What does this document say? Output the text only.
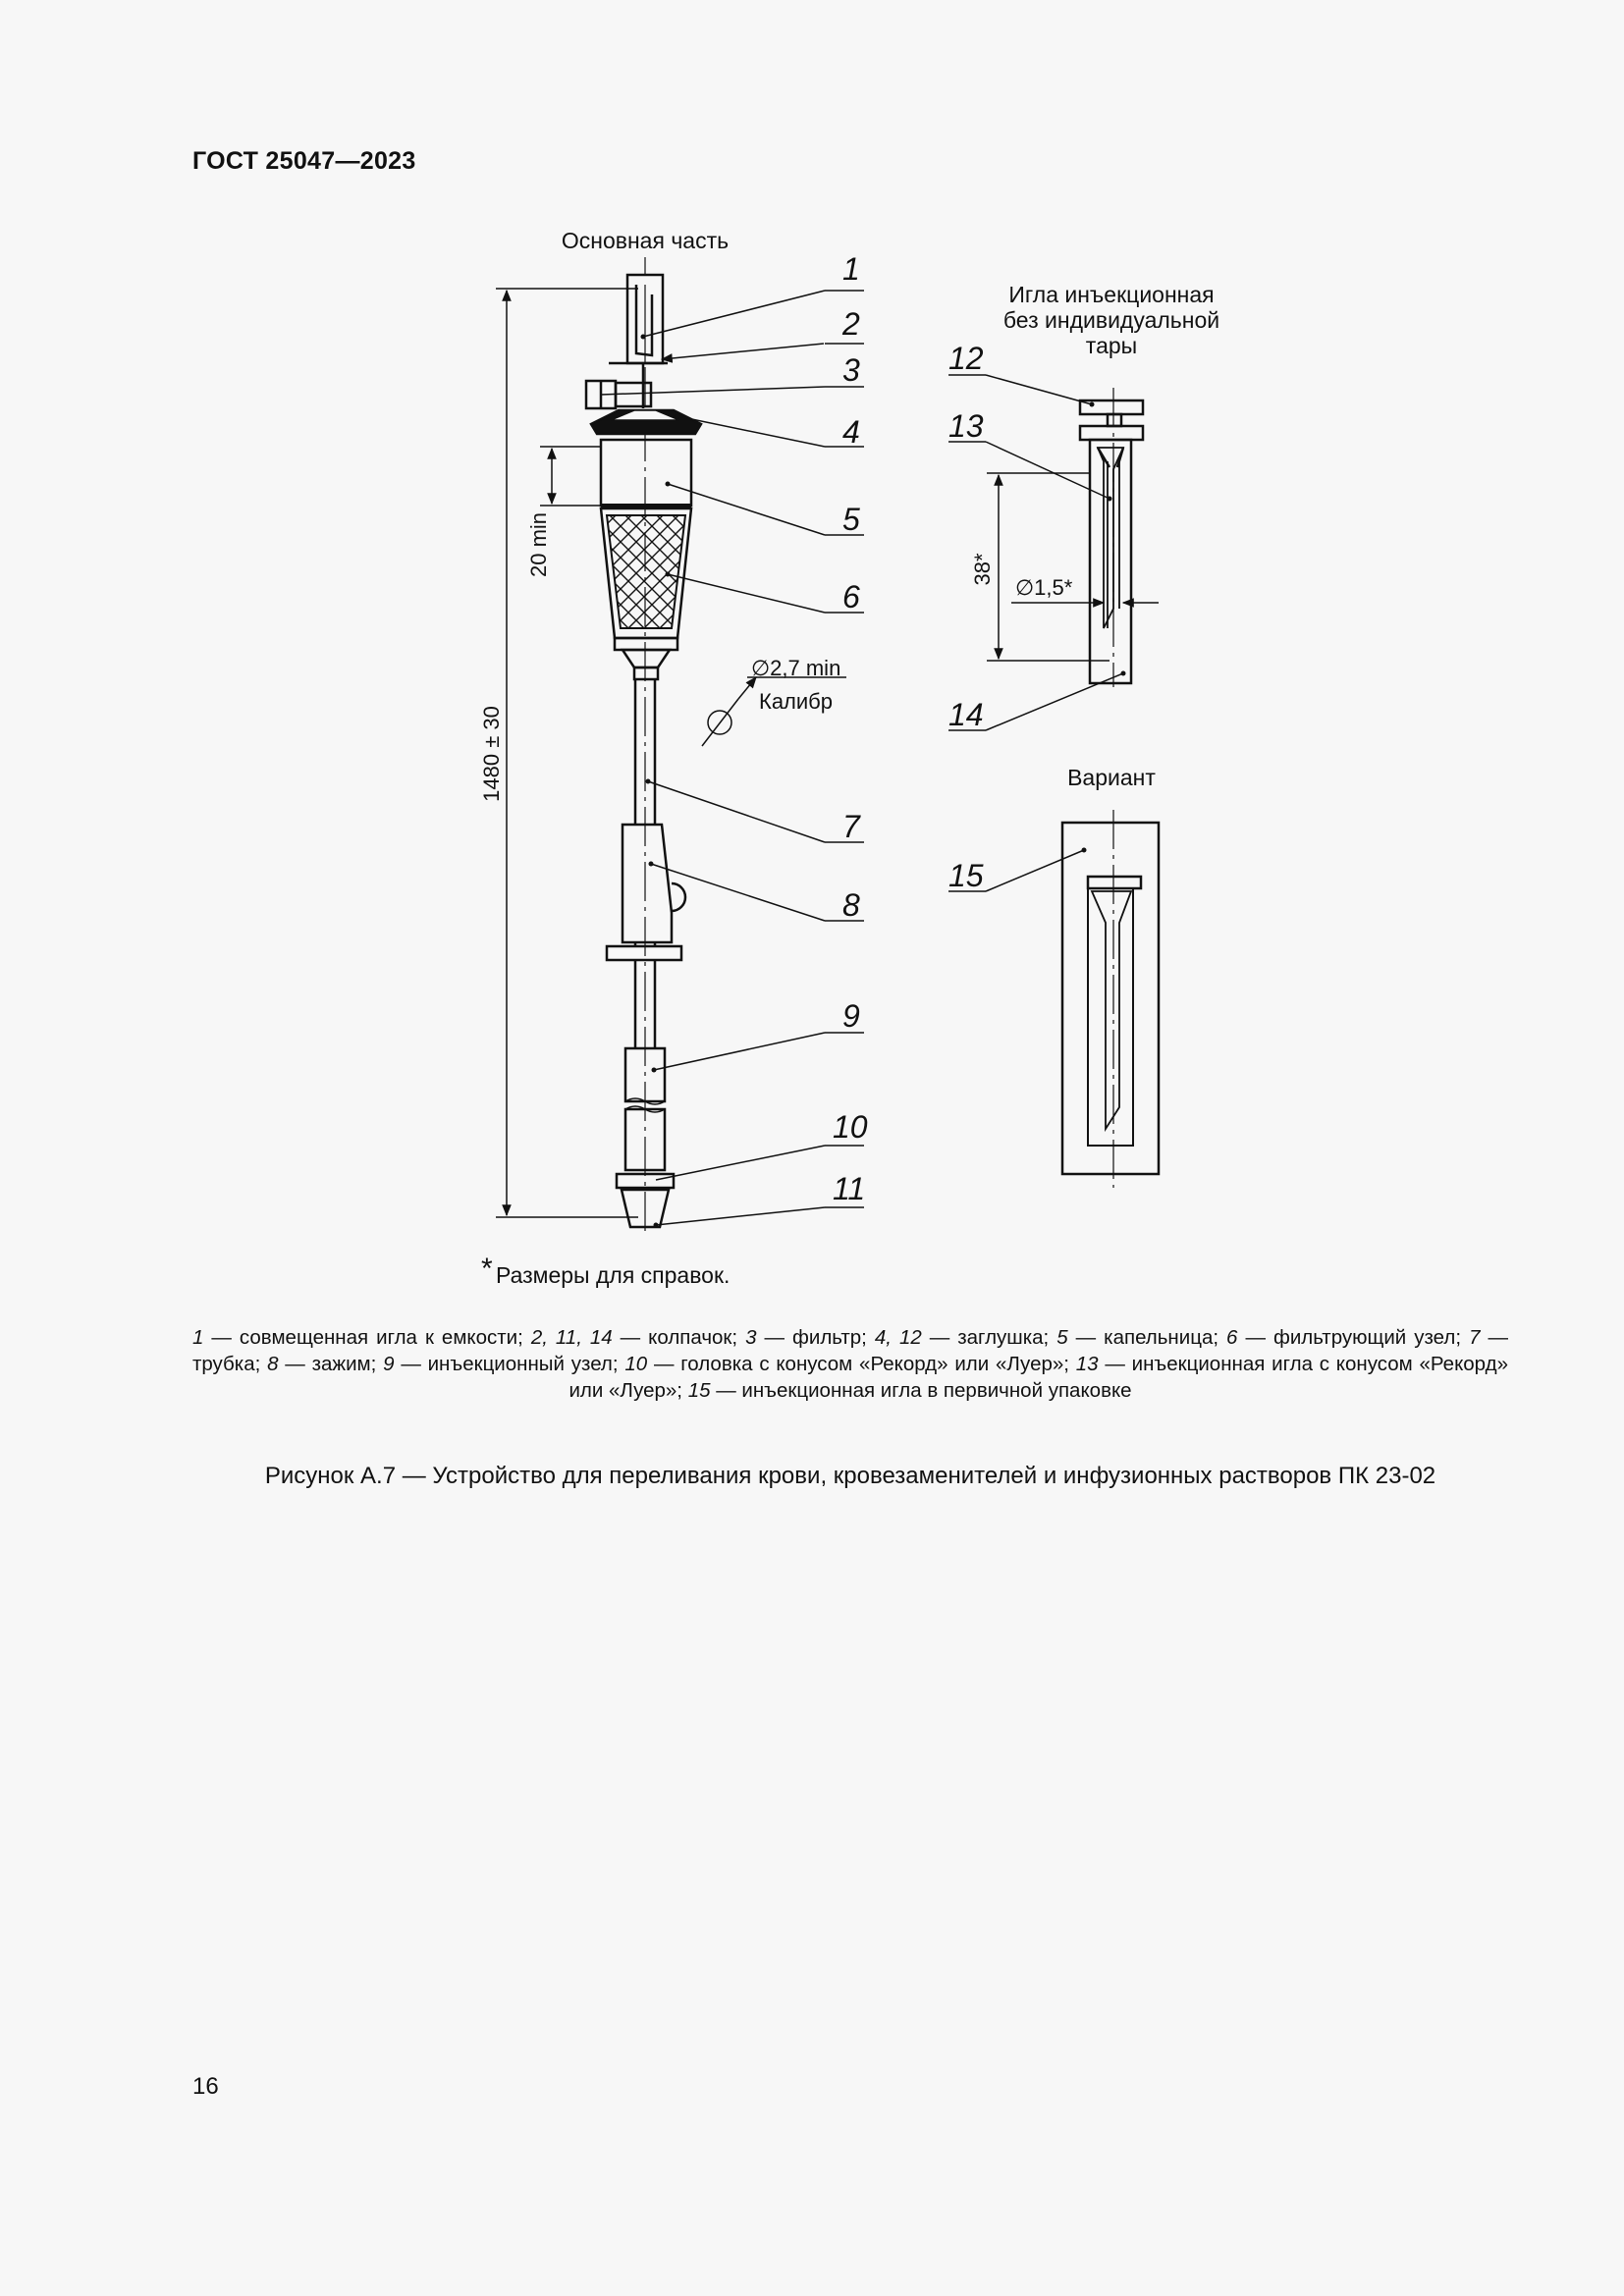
ГОСТ 25047—2023
Основная часть
Игла инъекционная
без индивидуальной
тары
Вариант
1480 ± 30
20 min
∅2,7 min
Калибр
38*
∅1,5*
1
2
3
4
5
6
7
8
9
10
11
12
13
14
15
* Размеры для справок.
1 — совмещенная игла к емкости; 2, 11, 14 — колпачок; 3 — фильтр; 4, 12 — заглушка; 5 — капельница; 6 — фильтрующий узел; 7 — трубка; 8 — зажим; 9 — инъекционный узел; 10 — головка с конусом «Рекорд» или «Луер»; 13 — инъекционная игла с конусом «Рекорд» или «Луер»; 15 — инъекционная игла в первичной упаковке
Рисунок А.7 — Устройство для переливания крови, кровезаменителей и инфузионных растворов ПК 23-02
16
